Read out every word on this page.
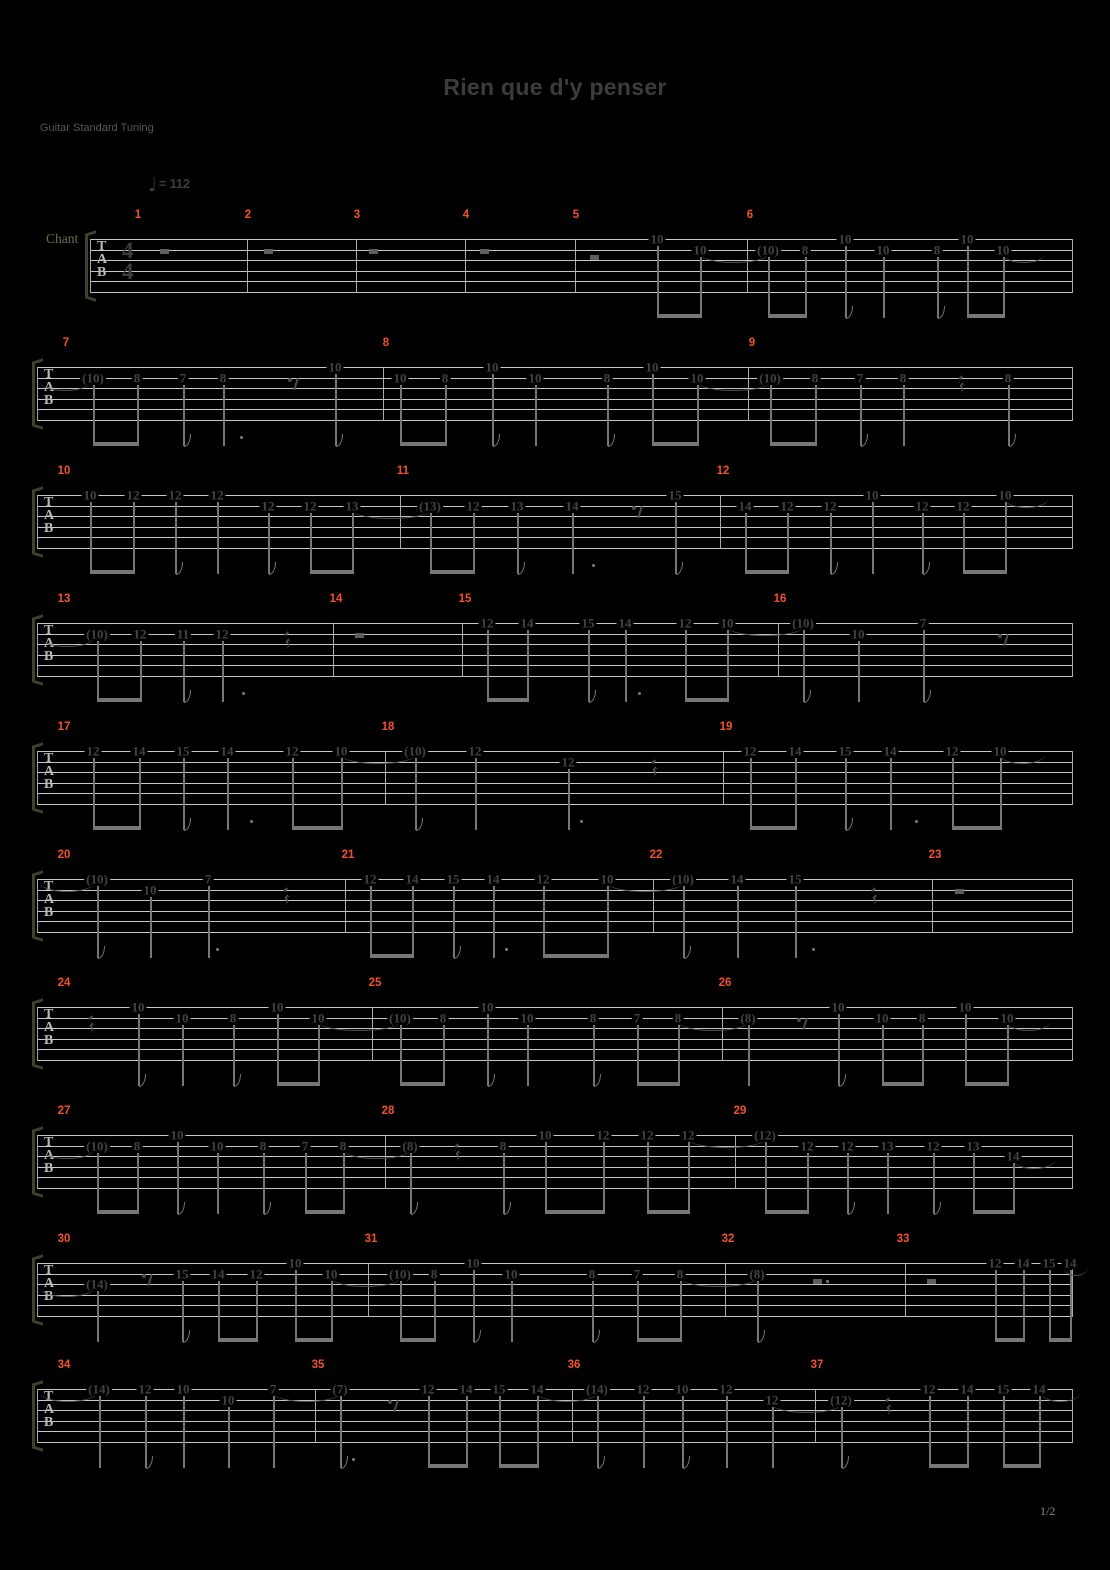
Rien que d'y penser
Guitar Standard Tuning
♩ = 112
Chant
T
A
B
4
4
1	2	3	4	5	6
10
10	(10) 8
10
10	8
10
10
T
A
B
7	8	9
(10) 8	7	8
10
10	8
10
10	8
10
10	(10) 8	7	8	8
T
A
B
10	11	12
10 12 12 12
12 12 13	(13) 12 13	14
15
14 12 12
10
12 12
10
T
A
B
13	14	15	16
(10) 12 11 12
12 14	15 14	12 10	(10)
10
7
T
A
B
17	18	19
12	14 15 14	12	10	(10)	12
12
12 14	15 14	12	10
T
A
B
20	21	22	23
(10)
10
7	12 14 15 14	12	10	(10)	14	15
T
A
B
24	25	26
10
10	8
10
10	(10) 8
10
10	8	7	8	(8)
10
10 8
10
10
T
A
B
27	28	29
(10) 8
10
10	8	7 8	(8)	8
10	12 12 12	(12)
12 12 13	12 13
14
T
A
B
30	31	32	33
(14)
15 14 12
10
10	(10) 8
10
10	8	7	8	(8)
12 14 15 14
T
A
B
34	35	36	37
(14) 12 10
10
7	(7)	12 14 15 14	(14) 12 10 12
12	(12)
12 14 15 14
1/2
